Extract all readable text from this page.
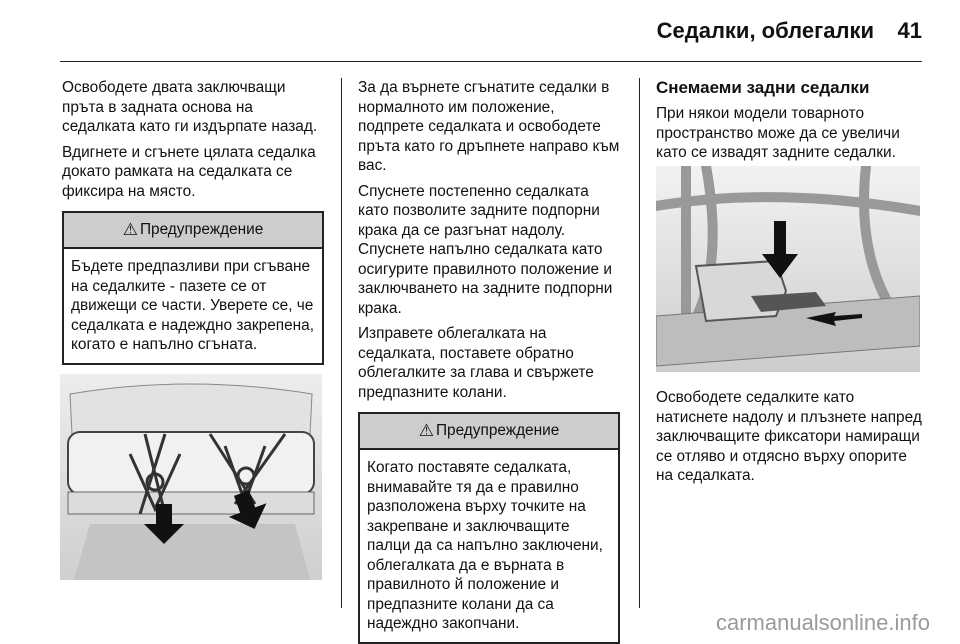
Седалки, облегалки 41

Освободете двата заключващи пръта в задната основа на седалката като ги издърпате назад.

Вдигнете и сгънете цялата седалка докато рамката на седалката се фиксира на място.

⚠ Предупреждение
Бъдете предпазливи при сгъване на седалките - пазете се от движещи се части. Уверете се, че седалката е надеждно закрепена, когато е напълно сгъната.

За да върнете сгънатите седалки в нормалното им положение, подпрете седалката и освободете пръта като го дръпнете направо към вас.

Спуснете постепенно седалката като позволите задните подпорни крака да се разгънат надолу. Спуснете напълно седалката като осигурите правилното положение и заключването на задните подпорни крака.

Изправете облегалката на седалката, поставете обратно облегалките за глава и свържете предпазните колани.

⚠ Предупреждение
Когато поставяте седалката, внимавайте тя да е правилно разположена върху точките на закрепване и заключващите палци да са напълно заключени, облегалката да е върната в правилното й положение и предпазните колани да са надеждно закопчани.

Снемаеми задни седалки

При някои модели товарното пространство може да се увеличи като се извадят задните седалки.

Освободете седалките като натиснете надолу и плъзнете напред заключващите фиксатори намиращи се отляво и отдясно върху опорите на седалката.
carmanualsonline.info
